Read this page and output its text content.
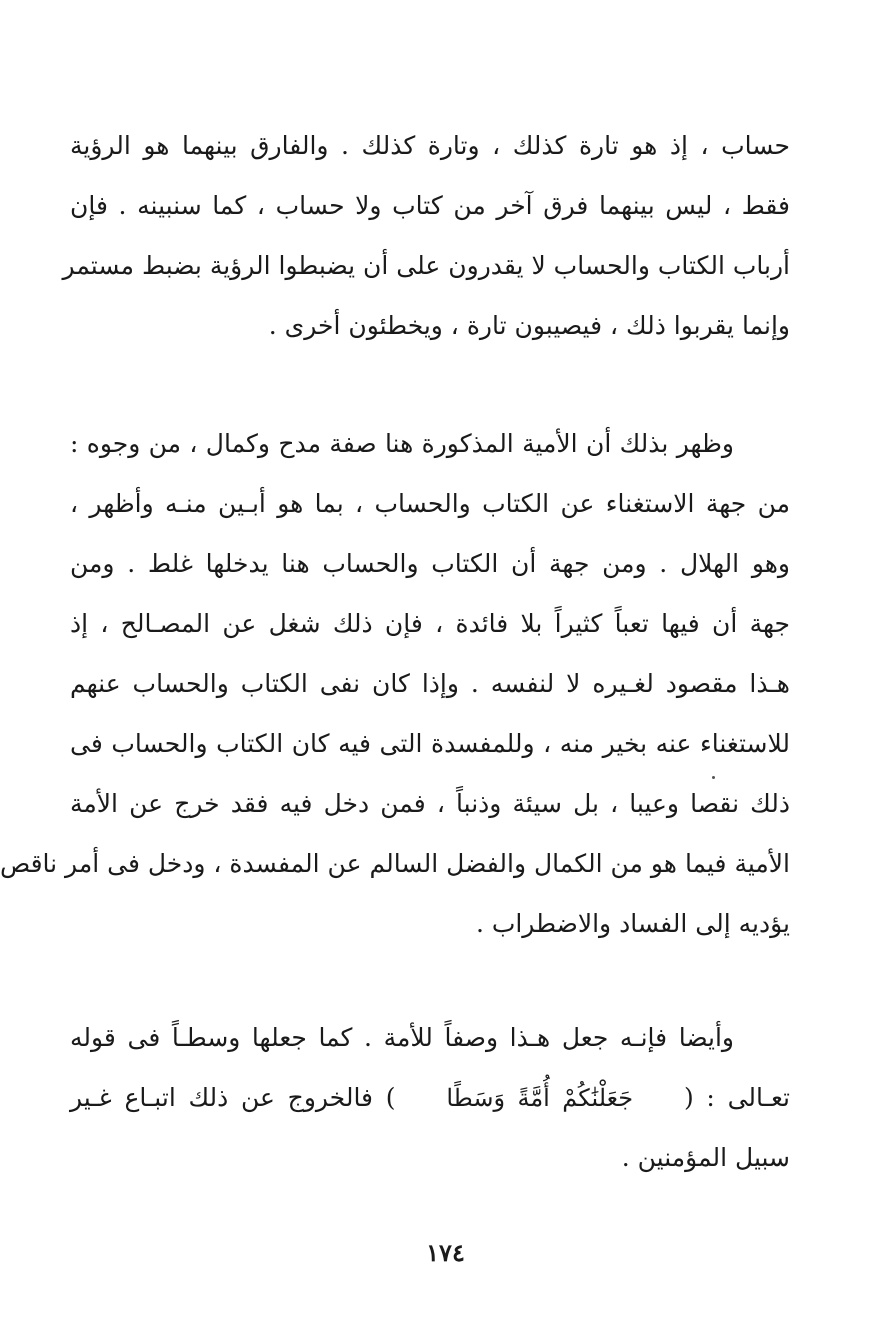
حساب ، إذ هو تارة كذلك ، وتارة كذلك . والفارق بينهما هو الرؤية
فقط ، ليس بينهما فرق آخر من كتاب ولا حساب ، كما سنبينه . فإن
أرباب الكتاب والحساب لا يقدرون على أن يضبطوا الرؤية بضبط مستمر
وإنما يقربوا ذلك ، فيصيبون تارة ، ويخطئون أخرى .
وظهر بذلك أن الأمية المذكورة هنا صفة مدح وكمال ، من وجوه :
من جهة الاستغناء عن الكتاب والحساب ، بما هو أبـين منـه وأظهر ،
وهو الهلال . ومن جهة أن الكتاب والحساب هنا يدخلها غلط . ومن
جهة أن فيها تعباً كثيراً بلا فائدة ، فإن ذلك شغل عن المصـالح ، إذ
هـذا مقصود لغـيره لا لنفسه . وإذا كان نفى الكتاب والحساب عنهم
للاستغناء عنه بخير منه ، وللمفسدة التى فيه كان الكتاب والحساب فى
ذلك نقصا وعيبا ، بل سيئة وذنباً ، فمن دخل فيه فقد خرج عن الأمة
الأمية فيما هو من الكمال والفضل السالم عن المفسدة ، ودخل فى أمر ناقص
يؤديه إلى الفساد والاضطراب .
وأيضا فإنـه جعل هـذا وصفاً للأمة . كما جعلها وسطـاً فى قوله
تعـالى : (    جَعَلْنَٰكُمْ أُمَّةً وَسَطًا    ) فالخروج عن ذلك اتبـاع غـير
سبيل المؤمنين .
١٧٤
